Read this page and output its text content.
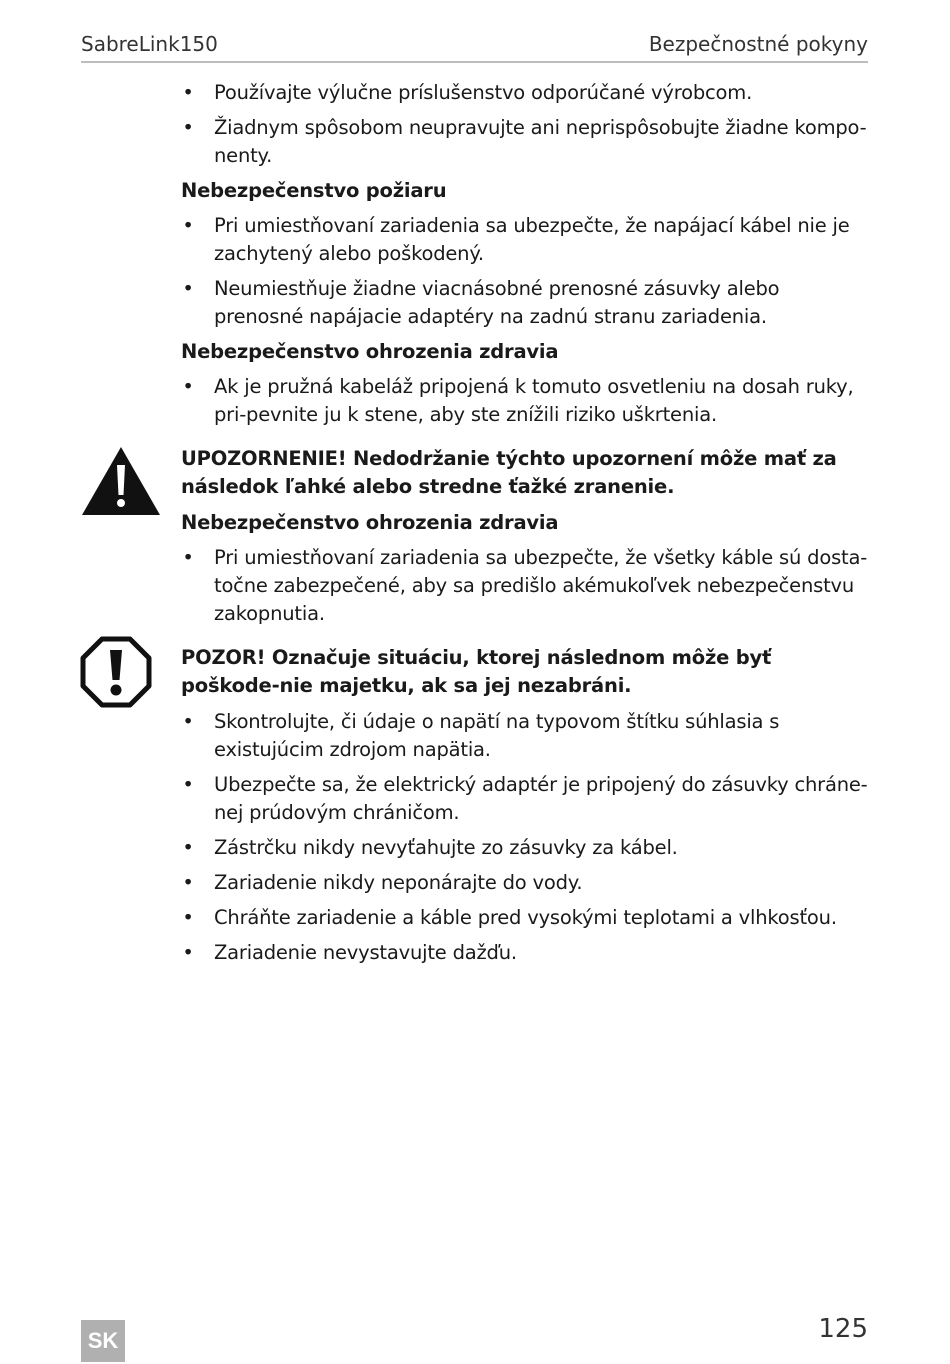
SabreLink150	Bezpečnostné pokyny
• Používajte výlučne príslušenstvo odporúčané výrobcom.
• Žiadnym spôsobom neupravujte ani neprispôsobujte žiadne kompo-nenty.
Nebezpečenstvo požiaru
• Pri umiestňovaní zariadenia sa ubezpečte, že napájací kábel nie je zachytený alebo poškodený.
• Neumiestňuje žiadne viacnásobné prenosné zásuvky alebo prenosné napájacie adaptéry na zadnú stranu zariadenia.
Nebezpečenstvo ohrozenia zdravia
• Ak je pružná kabeláž pripojená k tomuto osvetleniu na dosah ruky, pri-pevnite ju k stene, aby ste znížili riziko uškrtenia.
UPOZORNENIE! Nedodržanie týchto upozornení môže mať za následok ľahké alebo stredne ťažké zranenie.
Nebezpečenstvo ohrozenia zdravia
• Pri umiestňovaní zariadenia sa ubezpečte, že všetky káble sú dosta-točne zabezpečené, aby sa predišlo akémukoľvek nebezpečenstvu zakopnutia.
POZOR! Označuje situáciu, ktorej následnom môže byť poškode-nie majetku, ak sa jej nezabráni.
• Skontrolujte, či údaje o napätí na typovom štítku súhlasia s existujúcim zdrojom napätia.
• Ubezpečte sa, že elektrický adaptér je pripojený do zásuvky chráne-nej prúdovým chráničom.
• Zástrčku nikdy nevyťahujte zo zásuvky za kábel.
• Zariadenie nikdy neponárajte do vody.
• Chráňte zariadenie a káble pred vysokými teplotami a vlhkosťou.
• Zariadenie nevystavujte dažďu.
SK	125
